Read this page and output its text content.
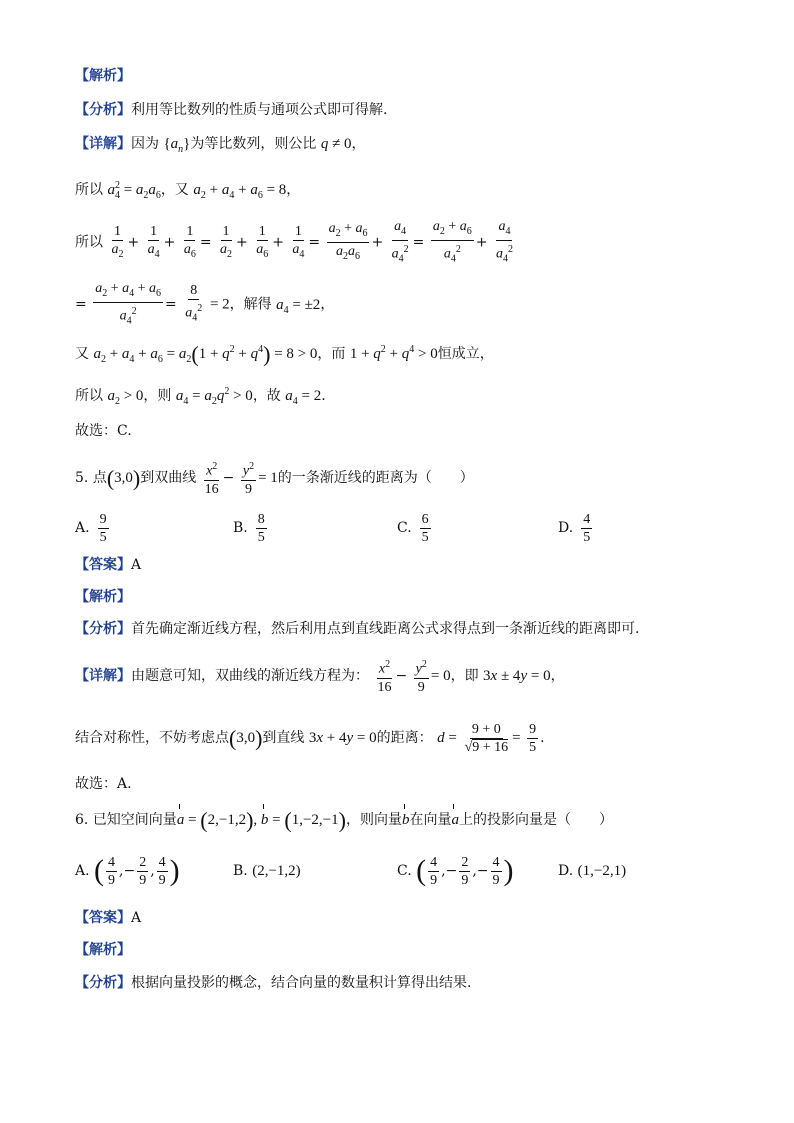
【解析】
【分析】利用等比数列的性质与通项公式即可得解.
【详解】因为 $\{a_n\}$为等比数列，则公比 q ≠ 0，
所以 $a_4^2 = a_2a_6$，又 $a_2 + a_4 + a_6 = 8$，
所以 $\frac{1}{a_2} + \frac{1}{a_4} + \frac{1}{a_6} = \frac{1}{a_2} + \frac{1}{a_6} + \frac{1}{a_4} = \frac{a_2 + a_6}{a_2a_6} + \frac{a_4}{a_4^2} = \frac{a_2 + a_6}{a_4^2} + \frac{a_4}{a_4^2}$
= $\frac{a_2 + a_4 + a_6}{a_4^2} = \frac{8}{a_4^2} = 2$，解得 $a_4 = \pm 2$，
又 $a_2 + a_4 + a_6 = a_2(1 + q^2 + q^4) = 8 > 0$，而 $1 + q^2 + q^4 > 0$恒成立，
所以 $a_2 > 0$，则 $a_4 = a_2q^2 > 0$，故 $a_4 = 2$.
故选：C.
5. 点(3,0)到双曲线 $\frac{x^2}{16} - \frac{y^2}{9} = 1$的一条渐近线的距离为（　　）
A. $\frac{9}{5}$	B. $\frac{8}{5}$	C. $\frac{6}{5}$	D. $\frac{4}{5}$
【答案】A
【解析】
【分析】首先确定渐近线方程，然后利用点到直线距离公式求得点到一条渐近线的距离即可.
【详解】由题意可知，双曲线的渐近线方程为： $\frac{x^2}{16} - \frac{y^2}{9} = 0$，即 3x ± 4y = 0，
结合对称性，不妨考虑点(3,0)到直线 3x + 4y = 0的距离： $d = \frac{9 + 0}{√9 + 16} = \frac{9}{5}$ .
故选：A.
6. 已知空间向量a = (2,−1,2), b = (1,−2,−1)，则向量b在向量a上的投影向量是（　　）
A. ( $\frac{4}{9}$ ,− $\frac{2}{9}$ , $\frac{4}{9}$ )	B. (2,−1,2)	C. ( $\frac{4}{9}$ ,− $\frac{2}{9}$ ,− $\frac{4}{9}$ )	D. (1,−2,1)
【答案】A
【解析】
【分析】根据向量投影的概念，结合向量的数量积计算得出结果.
